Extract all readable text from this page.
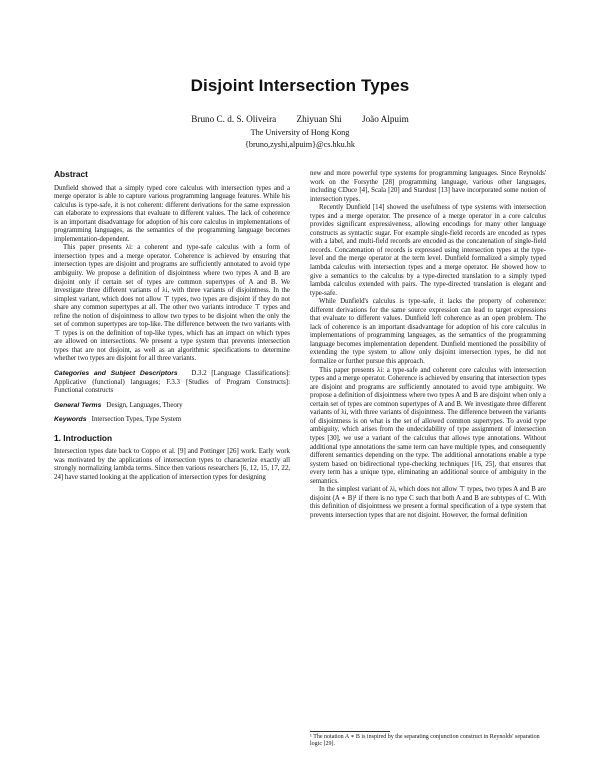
Disjoint Intersection Types
Bruno C. d. S. Oliveira Zhiyuan Shi João Alpuim
The University of Hong Kong
{bruno,zyshi,alpuim}@cs.hku.hk
Abstract

Dunfield showed that a simply typed core calculus with intersection types and a merge operator is able to capture various programming language features. While his calculus is type-safe, it is not coherent: different derivations for the same expression can elaborate to expressions that evaluate to different values. The lack of coherence is an important disadvantage for adoption of his core calculus in implementations of programming languages, as the semantics of the programming language becomes implementation-dependent.

This paper presents λi: a coherent and type-safe calculus with a form of intersection types and a merge operator. Coherence is achieved by ensuring that intersection types are disjoint and programs are sufficiently annotated to avoid type ambiguity. We propose a definition of disjointness where two types A and B are disjoint only if certain set of types are common supertypes of A and B. We investigate three different variants of λi, with three variants of disjointness. In the simplest variant, which does not allow ⊤ types, two types are disjoint if they do not share any common supertypes at all. The other two variants introduce ⊤ types and refine the notion of disjointness to allow two types to be disjoint when the only the set of common supertypes are top-like. The difference between the two variants with ⊤ types is on the definition of top-like types, which has an impact on which types are allowed on intersections. We present a type system that prevents intersection types that are not disjoint, as well as an algorithmic specifications to determine whether two types are disjoint for all three variants.

Categories and Subject Descriptors D.3.2 [Language Classifications]: Applicative (functional) languages; F.3.3 [Studies of Program Constructs]: Functional constructs
General Terms Design, Languages, Theory
Keywords Intersection Types, Type System
1. Introduction

Intersection types date back to Coppo et al. [9] and Pottinger [26] work. Early work was motivated by the applications of intersection types to characterize exactly all strongly normalizing lambda terms. Since then various researchers [6, 12, 15, 17, 22, 24] have started looking at the application of intersection types for designing

new and more powerful type systems for programming languages. Since Reynolds' work on the Forsythe [28] programming language, various other languages, including CDuce [4], Scala [20] and Stardust [13] have incorporated some notion of intersection types.

Recently Dunfield [14] showed the usefulness of type systems with intersection types and a merge operator. The presence of a merge operator in a core calculus provides significant expressiveness, allowing encodings for many other language constructs as syntactic sugar. For example single-field records are encoded as types with a label, and multi-field records are encoded as the concatenation of single-field records. Concatenation of records is expressed using intersection types at the type-level and the merge operator at the term level. Dunfield formalized a simply typed lambda calculus with intersection types and a merge operator. He showed how to give a semantics to the calculus by a type-directed translation to a simply typed lambda calculus extended with pairs. The type-directed translation is elegant and type-safe.

While Dunfield's calculus is type-safe, it lacks the property of coherence: different derivations for the same source expression can lead to target expressions that evaluate to different values. Dunfield left coherence as an open problem. The lack of coherence is an important disadvantage for adoption of his core calculus in implementations of programming languages, as the semantics of the programming language becomes implementation dependent. Dunfield mentioned the possibility of extending the type system to allow only disjoint intersection types, he did not formalize or further pursue this approach.

This paper presents λi: a type-safe and coherent core calculus with intersection types and a merge operator. Coherence is achieved by ensuring that intersection types are disjoint and programs are sufficiently annotated to avoid type ambiguity. We propose a definition of disjointness where two types A and B are disjoint when only a certain set of types are common supertypes of A and B. We investigate three different variants of λi, with three variants of disjointness. The difference between the variants of disjointness is on what is the set of allowed common supertypes. To avoid type ambiguity, which arises from the undecidability of type assignment of intersection types [30], we use a variant of the calculus that allows type annotations. Without additional type annotations the same term can have multiple types, and consequently different semantics depending on the type. The additional annotations enable a type system based on bidirectional type-checking techniques [16, 25], that ensures that every term has a unique type, eliminating an additional source of ambiguity in the semantics.

In the simplest variant of λi, which does not allow ⊤ types, two types A and B are disjoint (A ∗ B)¹ if there is no type C such that both A and B are subtypes of C. With this definition of disjointness we present a formal specification of a type system that prevents intersection types that are not disjoint. However, the formal definition

¹ The notation A ∗ B is inspired by the separating conjunction construct in Reynolds' separation logic [29].
